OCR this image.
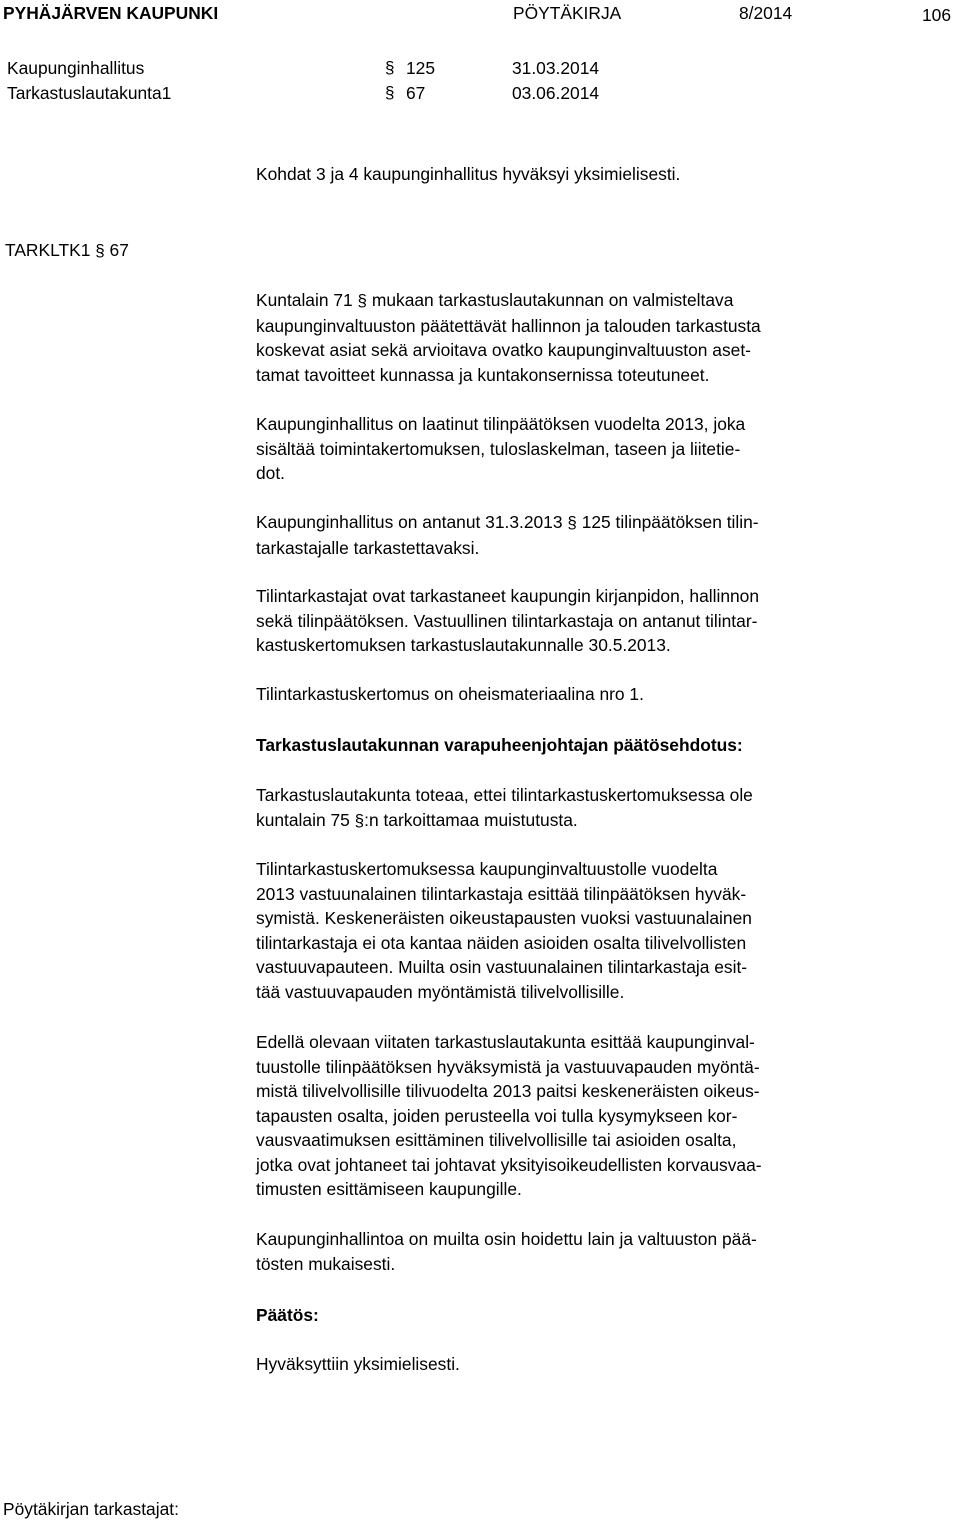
PYHÄJÄRVEN KAUPUNKI	PÖYTÄKIRJA	8/2014	106
Kaupunginhallitus	§ 125	31.03.2014
Tarkastuslautakunta1	§ 67	03.06.2014
Kohdat 3 ja 4 kaupunginhallitus hyväksyi yksimielisesti.
TARKLTK1 § 67
Kuntalain 71 § mukaan tarkastuslautakunnan on valmisteltava
kaupunginvaltuuston päätettävät hallinnon ja talouden tarkastusta
koskevat asiat sekä arvioitava ovatko kaupunginvaltuuston aset-
tamat tavoitteet kunnassa ja kuntakonsernissa toteutuneet.
Kaupunginhallitus on laatinut tilinpäätöksen vuodelta 2013, joka
sisältää toimintakertomuksen, tuloslaskelman, taseen ja liitetie-
dot.
Kaupunginhallitus on antanut 31.3.2013 § 125 tilinpäätöksen tilin-
tarkastajalle tarkastettavaksi.
Tilintarkastajat ovat tarkastaneet kaupungin kirjanpidon, hallinnon
sekä tilinpäätöksen. Vastuullinen tilintarkastaja on antanut tilintar-
kastuskertomuksen tarkastuslautakunnalle 30.5.2013.
Tilintarkastuskertomus on oheismateriaalina nro 1.
Tarkastuslautakunnan varapuheenjohtajan päätösehdotus:
Tarkastuslautakunta toteaa, ettei tilintarkastuskertomuksessa ole
kuntalain 75 §:n tarkoittamaa muistutusta.
Tilintarkastuskertomuksessa kaupunginvaltuustolle vuodelta
2013 vastuunalainen tilintarkastaja esittää tilinpäätöksen hyväk-
symistä. Keskeneräisten oikeustapausten vuoksi vastuunalainen
tilintarkastaja ei ota kantaa näiden asioiden osalta tilivelvollisten
vastuuvapauteen. Muilta osin vastuunalainen tilintarkastaja esit-
tää vastuuvapauden myöntämistä tilivelvollisille.
Edellä olevaan viitaten tarkastuslautakunta esittää kaupunginval-
tuustolle tilinpäätöksen hyväksymistä ja vastuuvapauden myöntä-
mistä tilivelvollisille tilivuodelta 2013 paitsi keskeneräisten oikeus-
tapausten osalta, joiden perusteella voi tulla kysymykseen kor-
vausvaatimuksen esittäminen tilivelvollisille tai asioiden osalta,
jotka ovat johtaneet tai johtavat yksityisoikeudellisten korvausvaa-
timusten esittämiseen kaupungille.
Kaupunginhallintoa on muilta osin hoidettu lain ja valtuuston pää-
tösten mukaisesti.
Päätös:
Hyväksyttiin yksimielisesti.
Pöytäkirjan tarkastajat:
